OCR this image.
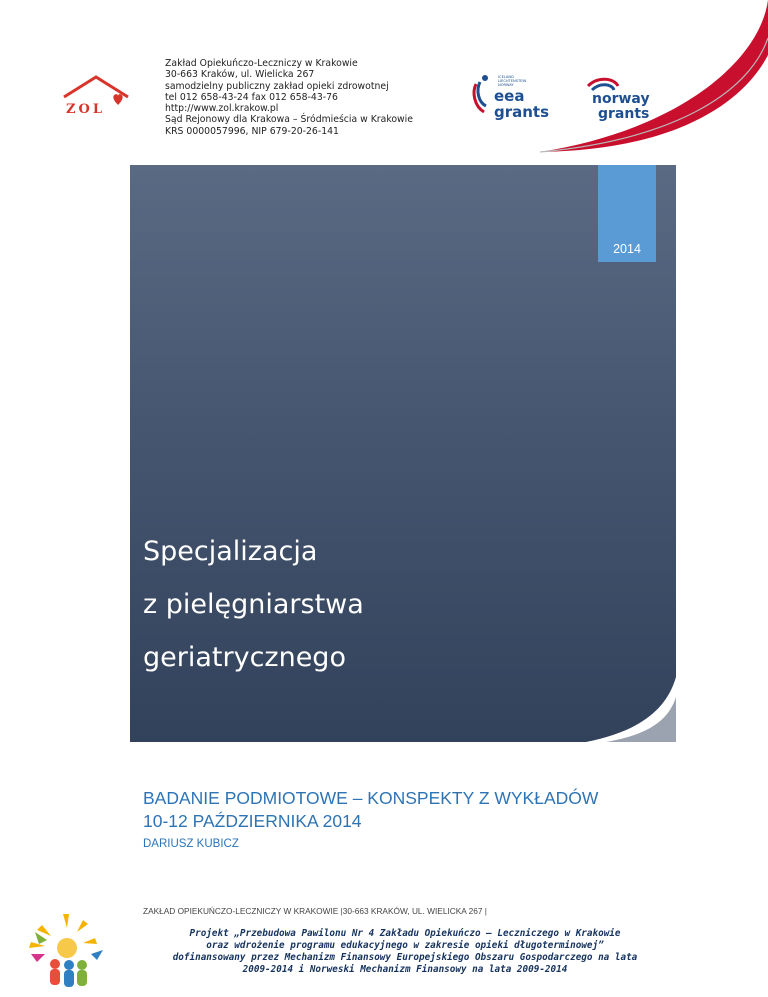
ZOL
Zakład Opiekuńczo-Leczniczy w Krakowie
30-663 Kraków, ul. Wielicka 267
samodzielny publiczny zakład opieki zdrowotnej
tel 012 658-43-24 fax 012 658-43-76
http://www.zol.krakow.pl
Sąd Rejonowy dla Krakowa – Śródmieścia w Krakowie
KRS 0000057996, NIP 679-20-26-141
ICELAND
LIECHTENSTEIN
NORWAY
eea
grants
norway
grants
2014
Specjalizacja
z pielęgniarstwa
geriatrycznego
BADANIE PODMIOTOWE – KONSPEKTY Z WYKŁADÓW
10-12 PAŹDZIERNIKA 2014
DARIUSZ KUBICZ
ZAKŁAD OPIEKUŃCZO-LECZNICZY W KRAKOWIE |30-663 KRAKÓW, UL. WIELICKA 267 |
Projekt „Przebudowa Pawilonu Nr 4 Zakładu Opiekuńczo – Leczniczego w Krakowie
oraz wdrożenie programu edukacyjnego w zakresie opieki długoterminowej”
dofinansowany przez Mechanizm Finansowy Europejskiego Obszaru Gospodarczego na lata
2009-2014 i Norweski Mechanizm Finansowy na lata 2009-2014
